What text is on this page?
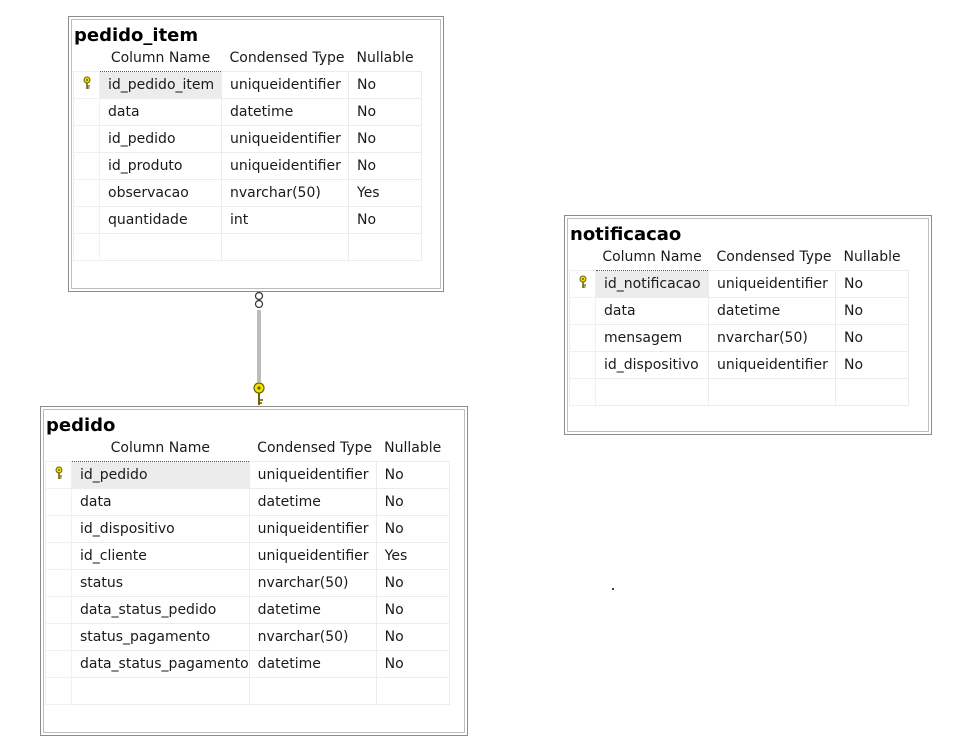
pedido_item
	Column Name	Condensed Type	Nullable
	id_pedido_item	uniqueidentifier	No
	data	datetime	No
	id_pedido	uniqueidentifier	No
	id_produto	uniqueidentifier	No
	observacao	nvarchar(50)	Yes
	quantidade	int	No

notificacao
	Column Name	Condensed Type	Nullable
	id_notificacao	uniqueidentifier	No
	data	datetime	No
	mensagem	nvarchar(50)	No
	id_dispositivo	uniqueidentifier	No

pedido
	Column Name	Condensed Type	Nullable
	id_pedido	uniqueidentifier	No
	data	datetime	No
	id_dispositivo	uniqueidentifier	No
	id_cliente	uniqueidentifier	Yes
	status	nvarchar(50)	No
	data_status_pedido	datetime	No
	status_pagamento	nvarchar(50)	No
	data_status_pagamento	datetime	No
